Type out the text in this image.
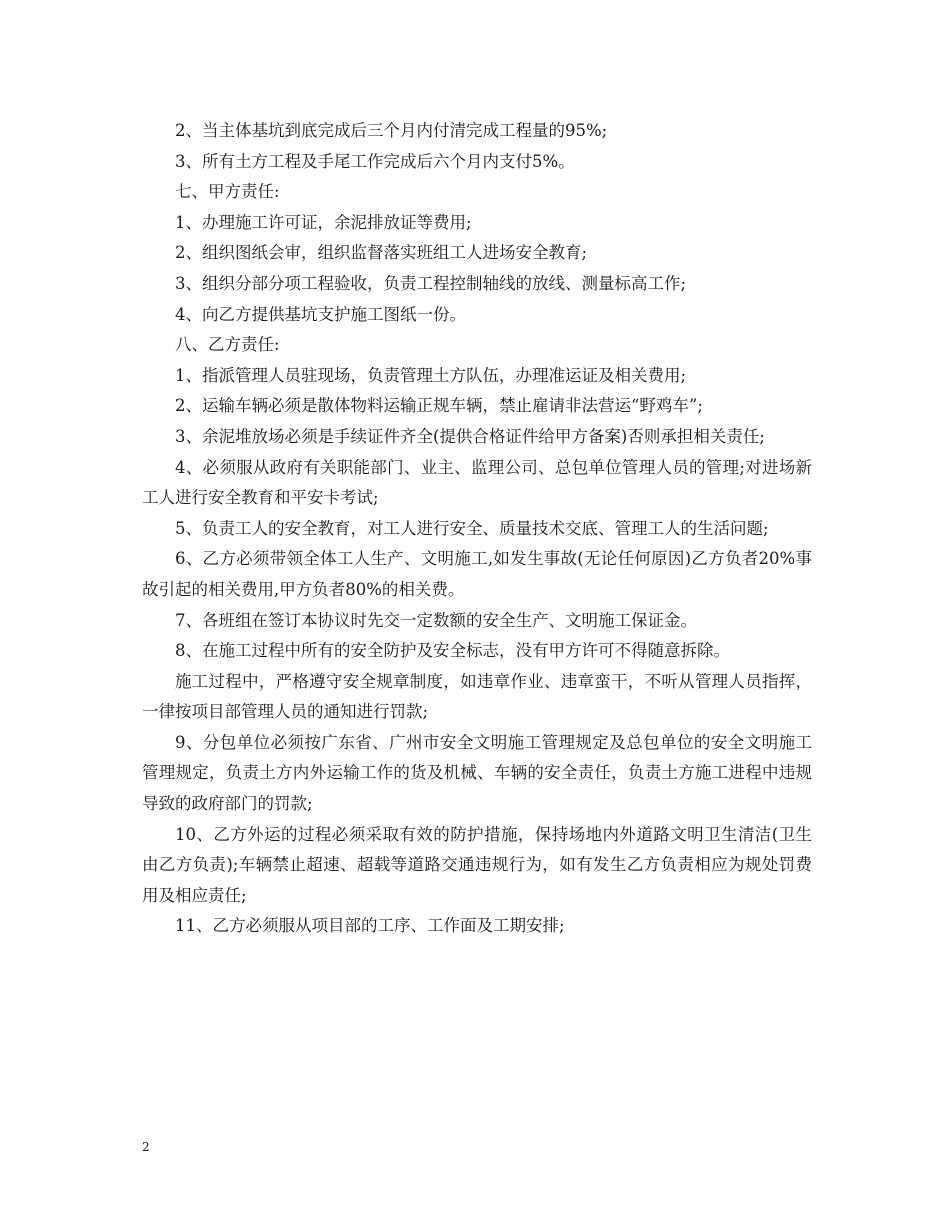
2、当主体基坑到底完成后三个月内付清完成工程量的95%;

3、所有土方工程及手尾工作完成后六个月内支付5%。

七、甲方责任:

1、办理施工许可证，余泥排放证等费用;

2、组织图纸会审，组织监督落实班组工人进场安全教育;

3、组织分部分项工程验收，负责工程控制轴线的放线、测量标高工作;

4、向乙方提供基坑支护施工图纸一份。

八、乙方责任:

1、指派管理人员驻现场，负责管理土方队伍，办理准运证及相关费用;

2、运输车辆必须是散体物料运输正规车辆，禁止雇请非法营运“野鸡车”;

3、余泥堆放场必须是手续证件齐全(提供合格证件给甲方备案)否则承担相关责任;

4、必须服从政府有关职能部门、业主、监理公司、总包单位管理人员的管理;对进场新工人进行安全教育和平安卡考试;

5、负责工人的安全教育，对工人进行安全、质量技术交底、管理工人的生活问题;

6、乙方必须带领全体工人生产、文明施工,如发生事故(无论任何原因)乙方负者20%事故引起的相关费用,甲方负者80%的相关费。

7、各班组在签订本协议时先交一定数额的安全生产、文明施工保证金。

8、在施工过程中所有的安全防护及安全标志，没有甲方许可不得随意拆除。

施工过程中，严格遵守安全规章制度，如违章作业、违章蛮干，不听从管理人员指挥，一律按项目部管理人员的通知进行罚款;

9、分包单位必须按广东省、广州市安全文明施工管理规定及总包单位的安全文明施工管理规定，负责土方内外运输工作的货及机械、车辆的安全责任，负责土方施工进程中违规导致的政府部门的罚款;

10、乙方外运的过程必须采取有效的防护措施，保持场地内外道路文明卫生清洁(卫生由乙方负责);车辆禁止超速、超载等道路交通违规行为，如有发生乙方负责相应为规处罚费用及相应责任;

11、乙方必须服从项目部的工序、工作面及工期安排;

2
